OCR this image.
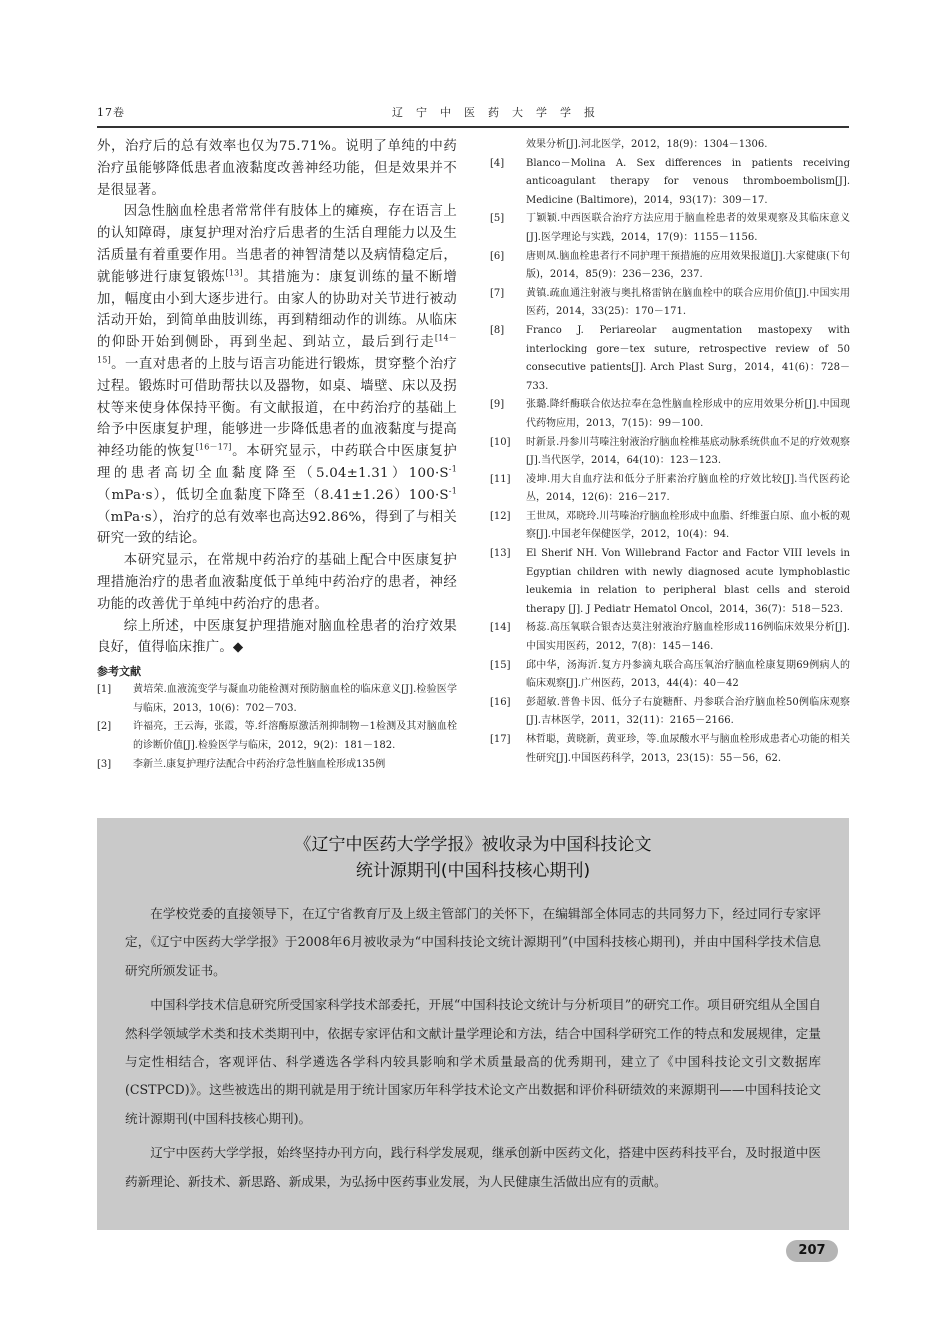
17卷	辽宁中医药大学学报

外，治疗后的总有效率也仅为75.71%。说明了单纯的中药治疗虽能够降低患者血液黏度改善神经功能，但是效果并不是很显著。

因急性脑血栓患者常常伴有肢体上的瘫痪，存在语言上的认知障碍，康复护理对治疗后患者的生活自理能力以及生活质量有着重要作用。当患者的神智清楚以及病情稳定后，就能够进行康复锻炼[13]。其措施为：康复训练的量不断增加，幅度由小到大逐步进行。由家人的协助对关节进行被动活动开始，到简单曲肢训练，再到精细动作的训练。从临床的仰卧开始到侧卧，再到坐起、到站立，最后到行走[14－15]。一直对患者的上肢与语言功能进行锻炼，贯穿整个治疗过程。锻炼时可借助帮扶以及器物，如桌、墙壁、床以及拐杖等来使身体保持平衡。有文献报道，在中药治疗的基础上给予中医康复护理，能够进一步降低患者的血液黏度与提高神经功能的恢复[16－17]。本研究显示，中药联合中医康复护理的患者高切全血黏度降至$(5.04\pm 1.31)100\cdot S^{-1}(mPa\cdot s)$，低切全血黏度下降至$(8.41\pm 1.26)100\cdot S^{-1}(mPa\cdot s)$，治疗的总有效率也高达92.86%，得到了与相关研究一致的结论。

本研究显示，在常规中药治疗的基础上配合中医康复护理措施治疗的患者血液黏度低于单纯中药治疗的患者，神经功能的改善优于单纯中药治疗的患者。

综上所述，中医康复护理措施对脑血栓患者的治疗效果良好，值得临床推广。◆

参考文献
[1]	黄培荣.血液流变学与凝血功能检测对预防脑血栓的临床意义[J].检验医学与临床，2013，10(6)：702－703.
[2]	许福亮，王云海，张霞，等.纤溶酶原激活剂抑制物－1检测及其对脑血栓的诊断价值[J].检验医学与临床，2012，9(2)：181－182.
[3]	李新兰.康复护理疗法配合中药治疗急性脑血栓形成135例
效果分析[J].河北医学，2012，18(9)：1304－1306.
[4]	Blanco－Molina A. Sex differences in patients receiving anticoagulant therapy for venous thromboembolism[J]. Medicine (Baltimore)，2014，93(17)：309－17.
[5]	丁颖颖.中西医联合治疗方法应用于脑血栓患者的效果观察及其临床意义[J].医学理论与实践，2014，17(9)：1155－1156.
[6]	唐则凤.脑血栓患者行不同护理干预措施的应用效果报道[J].大家健康(下旬版)，2014，85(9)：236－236，237.
[7]	黄镇.疏血通注射液与奥扎格雷钠在脑血栓中的联合应用价值[J].中国实用医药，2014，33(25)：170－171.
[8]	Franco J. Periareolar augmentation mastopexy with interlocking gore－tex suture, retrospective review of 50 consecutive patients[J]. Arch Plast Surg，2014，41(6)：728－733.
[9]	张璐.降纤酶联合依达拉奉在急性脑血栓形成中的应用效果分析[J].中国现代药物应用，2013，7(15)：99－100.
[10]	时新景.丹参川芎嗪注射液治疗脑血栓椎基底动脉系统供血不足的疗效观察[J].当代医学，2014，64(10)：123－123.
[11]	凌坤.用大自血疗法和低分子肝素治疗脑血栓的疗效比较[J].当代医药论丛，2014，12(6)：216－217.
[12]	王世凤，邓晓玲.川芎嗪治疗脑血栓形成中血脂、纤维蛋白原、血小板的观察[J].中国老年保健医学，2012，10(4)：94.
[13]	El Sherif NH. Von Willebrand Factor and Factor VIII levels in Egyptian children with newly diagnosed acute lymphoblastic leukemia in relation to peripheral blast cells and steroid therapy [J]. J Pediatr Hematol Oncol，2014，36(7)：518－523.
[14]	杨蕊.高压氧联合银杏达莫注射液治疗脑血栓形成116例临床效果分析[J].中国实用医药，2012，7(8)：145－146.
[15]	邱中华，汤海沂.复方丹参滴丸联合高压氧治疗脑血栓康复期69例病人的临床观察[J].广州医药，2013，44(4)：40－42
[16]	彭超敏.普鲁卡因、低分子右旋糖酐、丹参联合治疗脑血栓50例临床观察[J].吉林医学，2011，32(11)：2165－2166.
[17]	林哲聪，黄晓新，黄亚珍，等.血尿酸水平与脑血栓形成患者心功能的相关性研究[J].中国医药科学，2013，23(15)：55－56，62.
《辽宁中医药大学学报》被收录为中国科技论文
统计源期刊(中国科技核心期刊)

在学校党委的直接领导下，在辽宁省教育厅及上级主管部门的关怀下，在编辑部全体同志的共同努力下，经过同行专家评定，《辽宁中医药大学学报》于2008年6月被收录为“中国科技论文统计源期刊”(中国科技核心期刊)，并由中国科学技术信息研究所颁发证书。

中国科学技术信息研究所受国家科学技术部委托，开展“中国科技论文统计与分析项目”的研究工作。项目研究组从全国自然科学领域学术类和技术类期刊中，依据专家评估和文献计量学理论和方法，结合中国科学研究工作的特点和发展规律，定量与定性相结合，客观评估、科学遴选各学科内较具影响和学术质量最高的优秀期刊，建立了《中国科技论文引文数据库(CSTPCD)》。这些被选出的期刊就是用于统计国家历年科学技术论文产出数据和评价科研绩效的来源期刊——中国科技论文统计源期刊(中国科技核心期刊)。

辽宁中医药大学学报，始终坚持办刊方向，践行科学发展观，继承创新中医药文化，搭建中医药科技平台，及时报道中医药新理论、新技术、新思路、新成果，为弘扬中医药事业发展，为人民健康生活做出应有的贡献。

207
